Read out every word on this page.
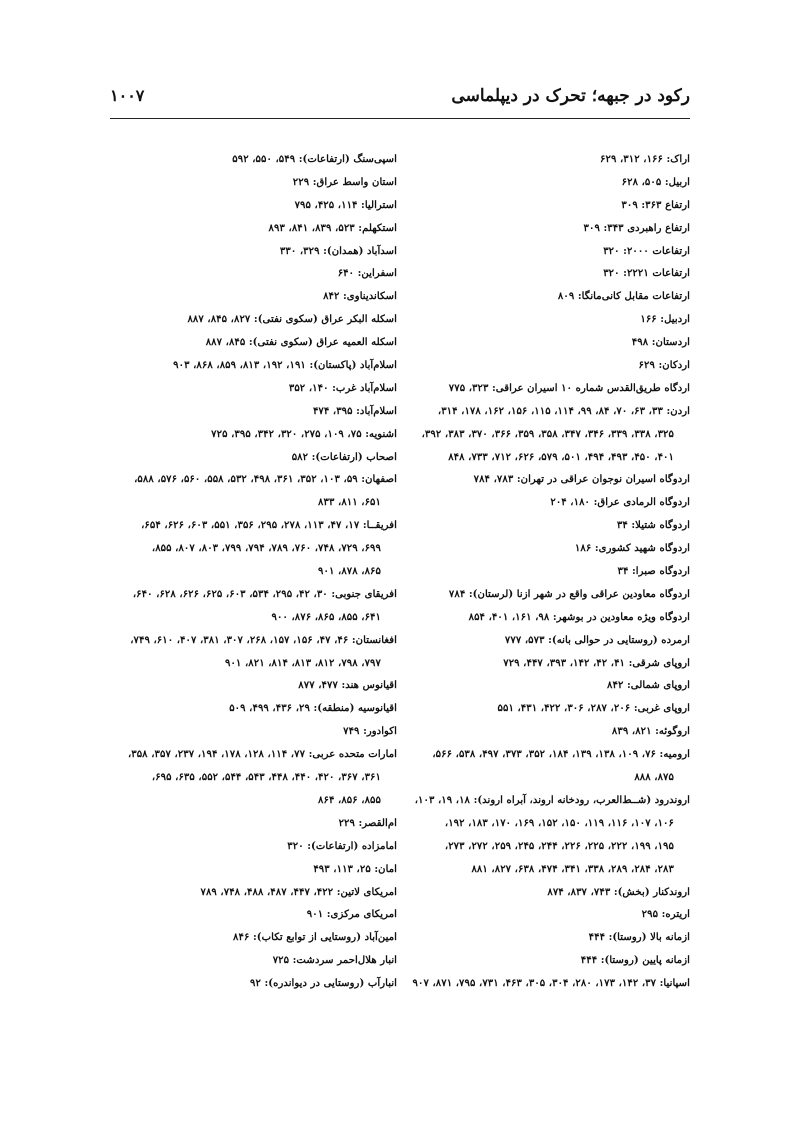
رکود در جبهه؛ تحرک در دیپلماسی
۱۰۰۷
اراک: ۱۶۶، ۳۱۲، ۶۲۹
اربیل: ۵۰۵، ۶۲۸
ارتفاع ۳۶۳: ۳۰۹
ارتفاع راهبردی ۳۴۳: ۳۰۹
ارتفاعات ۲۰۰۰: ۳۲۰
ارتفاعات ۲۲۲۱: ۳۲۰
ارتفاعات مقابل کانی‌مانگا: ۸۰۹
اردبیل: ۱۶۶
اردستان: ۴۹۸
اردکان: ۶۲۹
اردگاه طریق‌القدس شماره ۱۰ اسیران عراقی: ۳۲۳، ۷۷۵
اردن: ۳۳، ۶۳، ۷۰، ۸۴، ۹۹، ۱۱۴، ۱۱۵، ۱۵۶، ۱۶۲، ۱۷۸، ۳۱۴،
۳۲۵، ۳۳۸، ۳۳۹، ۳۴۶، ۳۴۷، ۳۵۸، ۳۵۹، ۳۶۶، ۳۷۰، ۳۸۳، ۳۹۲،
۴۰۱، ۴۵۰، ۴۹۳، ۴۹۴، ۵۰۱، ۵۷۹، ۶۲۶، ۷۱۲، ۷۳۳، ۸۴۸
اردوگاه اسیران نوجوان عراقی در تهران: ۷۸۳، ۷۸۴
اردوگاه الرمادی عراق: ۱۸۰، ۲۰۴
اردوگاه شتیلا: ۳۴
اردوگاه شهید کشوری: ۱۸۶
اردوگاه صبرا: ۳۴
اردوگاه معاودین عراقی واقع در شهر ازنا (لرستان): ۷۸۴
اردوگاه ویژه معاودین در بوشهر: ۹۸، ۱۶۱، ۴۰۱، ۸۵۴
ارمرده (روستایی در حوالی بانه): ۵۷۳، ۷۷۷
اروپای شرقی: ۴۱، ۴۲، ۱۴۲، ۳۹۳، ۴۴۷، ۷۲۹
اروپای شمالی: ۸۴۲
اروپای غربی: ۲۰۶، ۲۸۷، ۳۰۶، ۴۲۲، ۴۳۱، ۵۵۱
اروگوئه: ۸۲۱، ۸۳۹
اروميه: ۷۶، ۱۰۹، ۱۳۸، ۱۳۹، ۱۸۴، ۳۵۲، ۳۷۳، ۴۹۷، ۵۳۸، ۵۶۶،
۸۷۵، ۸۸۸
اروندرود (شــط‌العرب، رودخانه اروند، آبراه اروند): ۱۸، ۱۹، ۱۰۳،
۱۰۶، ۱۰۷، ۱۱۶، ۱۱۹، ۱۵۰، ۱۵۲، ۱۶۹، ۱۷۰، ۱۸۳، ۱۹۲،
۱۹۵، ۱۹۹، ۲۲۲، ۲۲۵، ۲۲۶، ۲۴۴، ۲۴۵، ۲۵۹، ۲۷۲، ۲۷۳،
۲۸۳، ۲۸۴، ۲۸۹، ۳۳۸، ۳۴۱، ۴۷۴، ۶۳۸، ۸۲۷، ۸۸۱
اروندکنار (بخش): ۷۴۳، ۸۳۷، ۸۷۴
اریتره: ۲۹۵
ازمانه بالا (روستا): ۴۴۴
ازمانه پایین (روستا): ۴۴۴
اسپانیا: ۳۷، ۱۴۲، ۱۷۳، ۲۸۰، ۳۰۴، ۳۰۵، ۴۶۳، ۷۳۱، ۷۹۵، ۸۷۱، ۹۰۷
اسپی‌سنگ (ارتفاعات): ۵۴۹، ۵۵۰، ۵۹۲
استان واسط عراق: ۲۲۹
استرالیا: ۱۱۴، ۴۲۵، ۷۹۵
استکهلم: ۵۲۳، ۸۳۹، ۸۴۱، ۸۹۳
اسدآباد (همدان): ۳۲۹، ۳۳۰
اسفراین: ۶۴۰
اسکاندیناوی: ۸۴۲
اسکله البکر عراق (سکوی نفتی): ۸۲۷، ۸۴۵، ۸۸۷
اسکله العمیه عراق (سکوی نفتی): ۸۴۵، ۸۸۷
اسلام‌آباد (پاکستان): ۱۹۱، ۱۹۲، ۸۱۳، ۸۵۹، ۸۶۸، ۹۰۳
اسلام‌آباد غرب: ۱۴۰، ۳۵۲
اسلام‌آباد: ۳۹۵، ۴۷۴
اشنویه: ۷۵، ۱۰۹، ۲۷۵، ۳۲۰، ۳۴۲، ۳۹۵، ۷۲۵
اصحاب (ارتفاعات): ۵۸۲
اصفهان: ۵۹، ۱۰۳، ۳۵۲، ۳۶۱، ۴۹۸، ۵۳۲، ۵۵۸، ۵۶۰، ۵۷۶، ۵۸۸،
۶۵۱، ۸۱۱، ۸۳۳
افریقــا: ۱۷، ۴۷، ۱۱۳، ۲۷۸، ۲۹۵، ۳۵۶، ۵۵۱، ۶۰۳، ۶۲۶، ۶۵۴،
۶۹۹، ۷۲۹، ۷۴۸، ۷۶۰، ۷۸۹، ۷۹۴، ۷۹۹، ۸۰۳، ۸۰۷، ۸۵۵،
۸۶۵، ۸۷۸، ۹۰۱
افریقای جنوبی: ۳۰، ۴۲، ۲۹۵، ۵۳۴، ۶۰۳، ۶۲۵، ۶۲۶، ۶۲۸، ۶۴۰،
۶۴۱، ۸۵۵، ۸۶۵، ۸۷۶، ۹۰۰
افغانستان: ۴۶، ۴۷، ۱۵۶، ۱۵۷، ۲۶۸، ۳۰۷، ۳۸۱، ۴۰۷، ۶۱۰، ۷۴۹،
۷۹۷، ۷۹۸، ۸۱۲، ۸۱۳، ۸۱۴، ۸۲۱، ۹۰۱
اقیانوس هند: ۴۷۷، ۸۷۷
اقیانوسیه (منطقه): ۲۹، ۴۳۶، ۴۹۹، ۵۰۹
اکوادور: ۷۴۹
امارات متحده عربی: ۷۷، ۱۱۴، ۱۲۸، ۱۷۸، ۱۹۴، ۲۳۷، ۳۵۷، ۳۵۸،
۳۶۱، ۳۶۷، ۴۲۰، ۴۴۰، ۴۴۸، ۵۴۳، ۵۴۴، ۵۵۲، ۶۳۵، ۶۹۵،
۸۵۵، ۸۵۶، ۸۶۴
ام‌القصر: ۲۲۹
امامزاده (ارتفاعات): ۳۲۰
امان: ۲۵، ۱۱۳، ۴۹۳
امریکای لاتین: ۴۲۲، ۴۴۷، ۴۸۷، ۴۸۸، ۷۴۸، ۷۸۹
امریکای مرکزی: ۹۰۱
امین‌آباد (روستایی از توابع تکاب): ۸۴۶
انبار هلال‌احمر سردشت: ۷۲۵
انبارآب (روستایی در دیواندره): ۹۲
